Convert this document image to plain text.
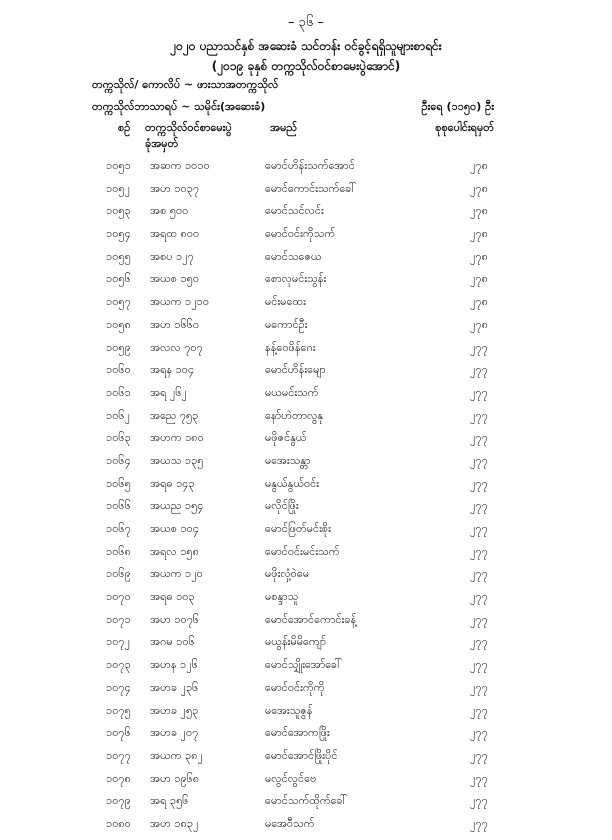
– ၃၆ –
၂၀၂၀ ပညာသင်နှစ် အဆေးခံ သင်တန်း ဝင်ခွင့်ရရှိသူများစာရင်း
(၂၀၁၉ ခုနှစ် တက္ကသိုလ်ဝင်စာမေးပွဲအောင်)
တက္ကသိုလ်/ ကောလိပ် ~ ဖားသာအတက္ကသိုလ်
တက္ကသိုလ်ဘာသာရပ် ~ သမိုင်း(အဆေးခံ)	ဦးရေ (၁၁၅၀) ဦး
စဉ် တက္ကသိုလ်ဝင်စာမေးပွဲ
ခုံအမှတ်
အမည်	စုစုပေါင်းရမှတ်
၁၀၅၁ အဆက ၁၀၁၀	မောင်ဟိန်းသက်အောင်	၂၇၈
၁၀၅၂ အဟ ၁၀၃၇	မောင်ကောင်းသက်ခေါ်	၂၇၈
၁၀၅၃ အစ ၅၀၀	မောင်သင်လင်း	၂၇၈
၁၀၅၄ အရထ ၈၀၀	မောင်ဝင်းကိုသက်	၂၇၈
၁၀၅၅ အစပ ၁၂၇	မောင်သဇေယ	၂၇၈
၁၀၅၆ အယစ ၁၅၀	စောလုမင်းသွန်း	၂၇၈
၁၀၅၇ အယက ၁၂၁၀	မင်းမထေး	၂၇၈
၁၀၅၈ အဟ ၁၆၆၀	မကောင်ဦး	၂၇၈
၁၀၅၉ အလလ ၇၀၇	နန့်ဝေဖိန်ဂေး	၂၇၇
၁၀၆၀ အရန ၁၀၄	မောင်ဟိန်းမျော	၂၇၇
၁၀၆၁ အရ ၂၆၂	မယမင်းသက်	၂၇၇
၁၀၆၂ အညေ ၇၅၃	နော်ဟဲတာလွနု	၂၇၇
၁၀၆၃ အဟက ၁၈၀	မဖိုဇင်နွယ်	၂၇၇
၁၀၆၄ အယသ ၁၃၅	မအေးသန္တာ	၂၇၇
၁၀၆၅ အရဓ ၁၄၃	မနွယ်နွယ်ဝင်း	၂၇၇
၁၀၆၆ အယည ၁၅၄	မလိုင်ဖြိုး	၂၇၇
၁၀၆၇ အယစ ၁၀၄	မောင်ဖြတ်မင်းစိုး	၂၇၇
၁၀၆၈ အရလ ၁၅၈	မောင်ဝင်းမင်းသက်	၂၇၇
၁၀၆၉ အယက ၁၂၀	မဖိုးလှံ့ဝဲမေ	၂၇၇
၁၀၇၀ အရဓ ၁၀၃	မစန္ဒာသူ	၂၇၇
၁၀၇၁ အဟ ၁၀၇၆	မောင်အောင်ကောင်းခန့်	၂၇၇
၁၀၇၂ အဂမ ၁၀၆	မယွန်းမိမိကျော်	၂၇၇
၁၀၇၃ အဟန ၁၂၆	မောင်သျှိုးအော်ခေါ်	၂၇၇
၁၀၇၄ အဟခ ၂၃၆	မောင်ဝင်းကိုကို	၂၇၇
၁၀၇၅ အဟခ ၂၅၃	မအေးသူဇွန်	၂၇၇
၁၀၇၆ အဟခ ၂၀၇	မောင်အောကဖြိုး	၂၇၇
၁၀၇၇ အယက ၃၈၂	မောင်အောင်ဖြိုးပိုင်	၂၇၇
၁၀၇၈ အဟ ၁၉၆၈	မလွင်လွင်ဗေ	၂၇၇
၁၀၇၉ အရ ၃၅၆	မောင်သက်ထိုက်ခေါ်	၂၇၇
၁၀၈၀ အဟ ၁၈၃၂	မအေဝီသက်	၂၇၇
